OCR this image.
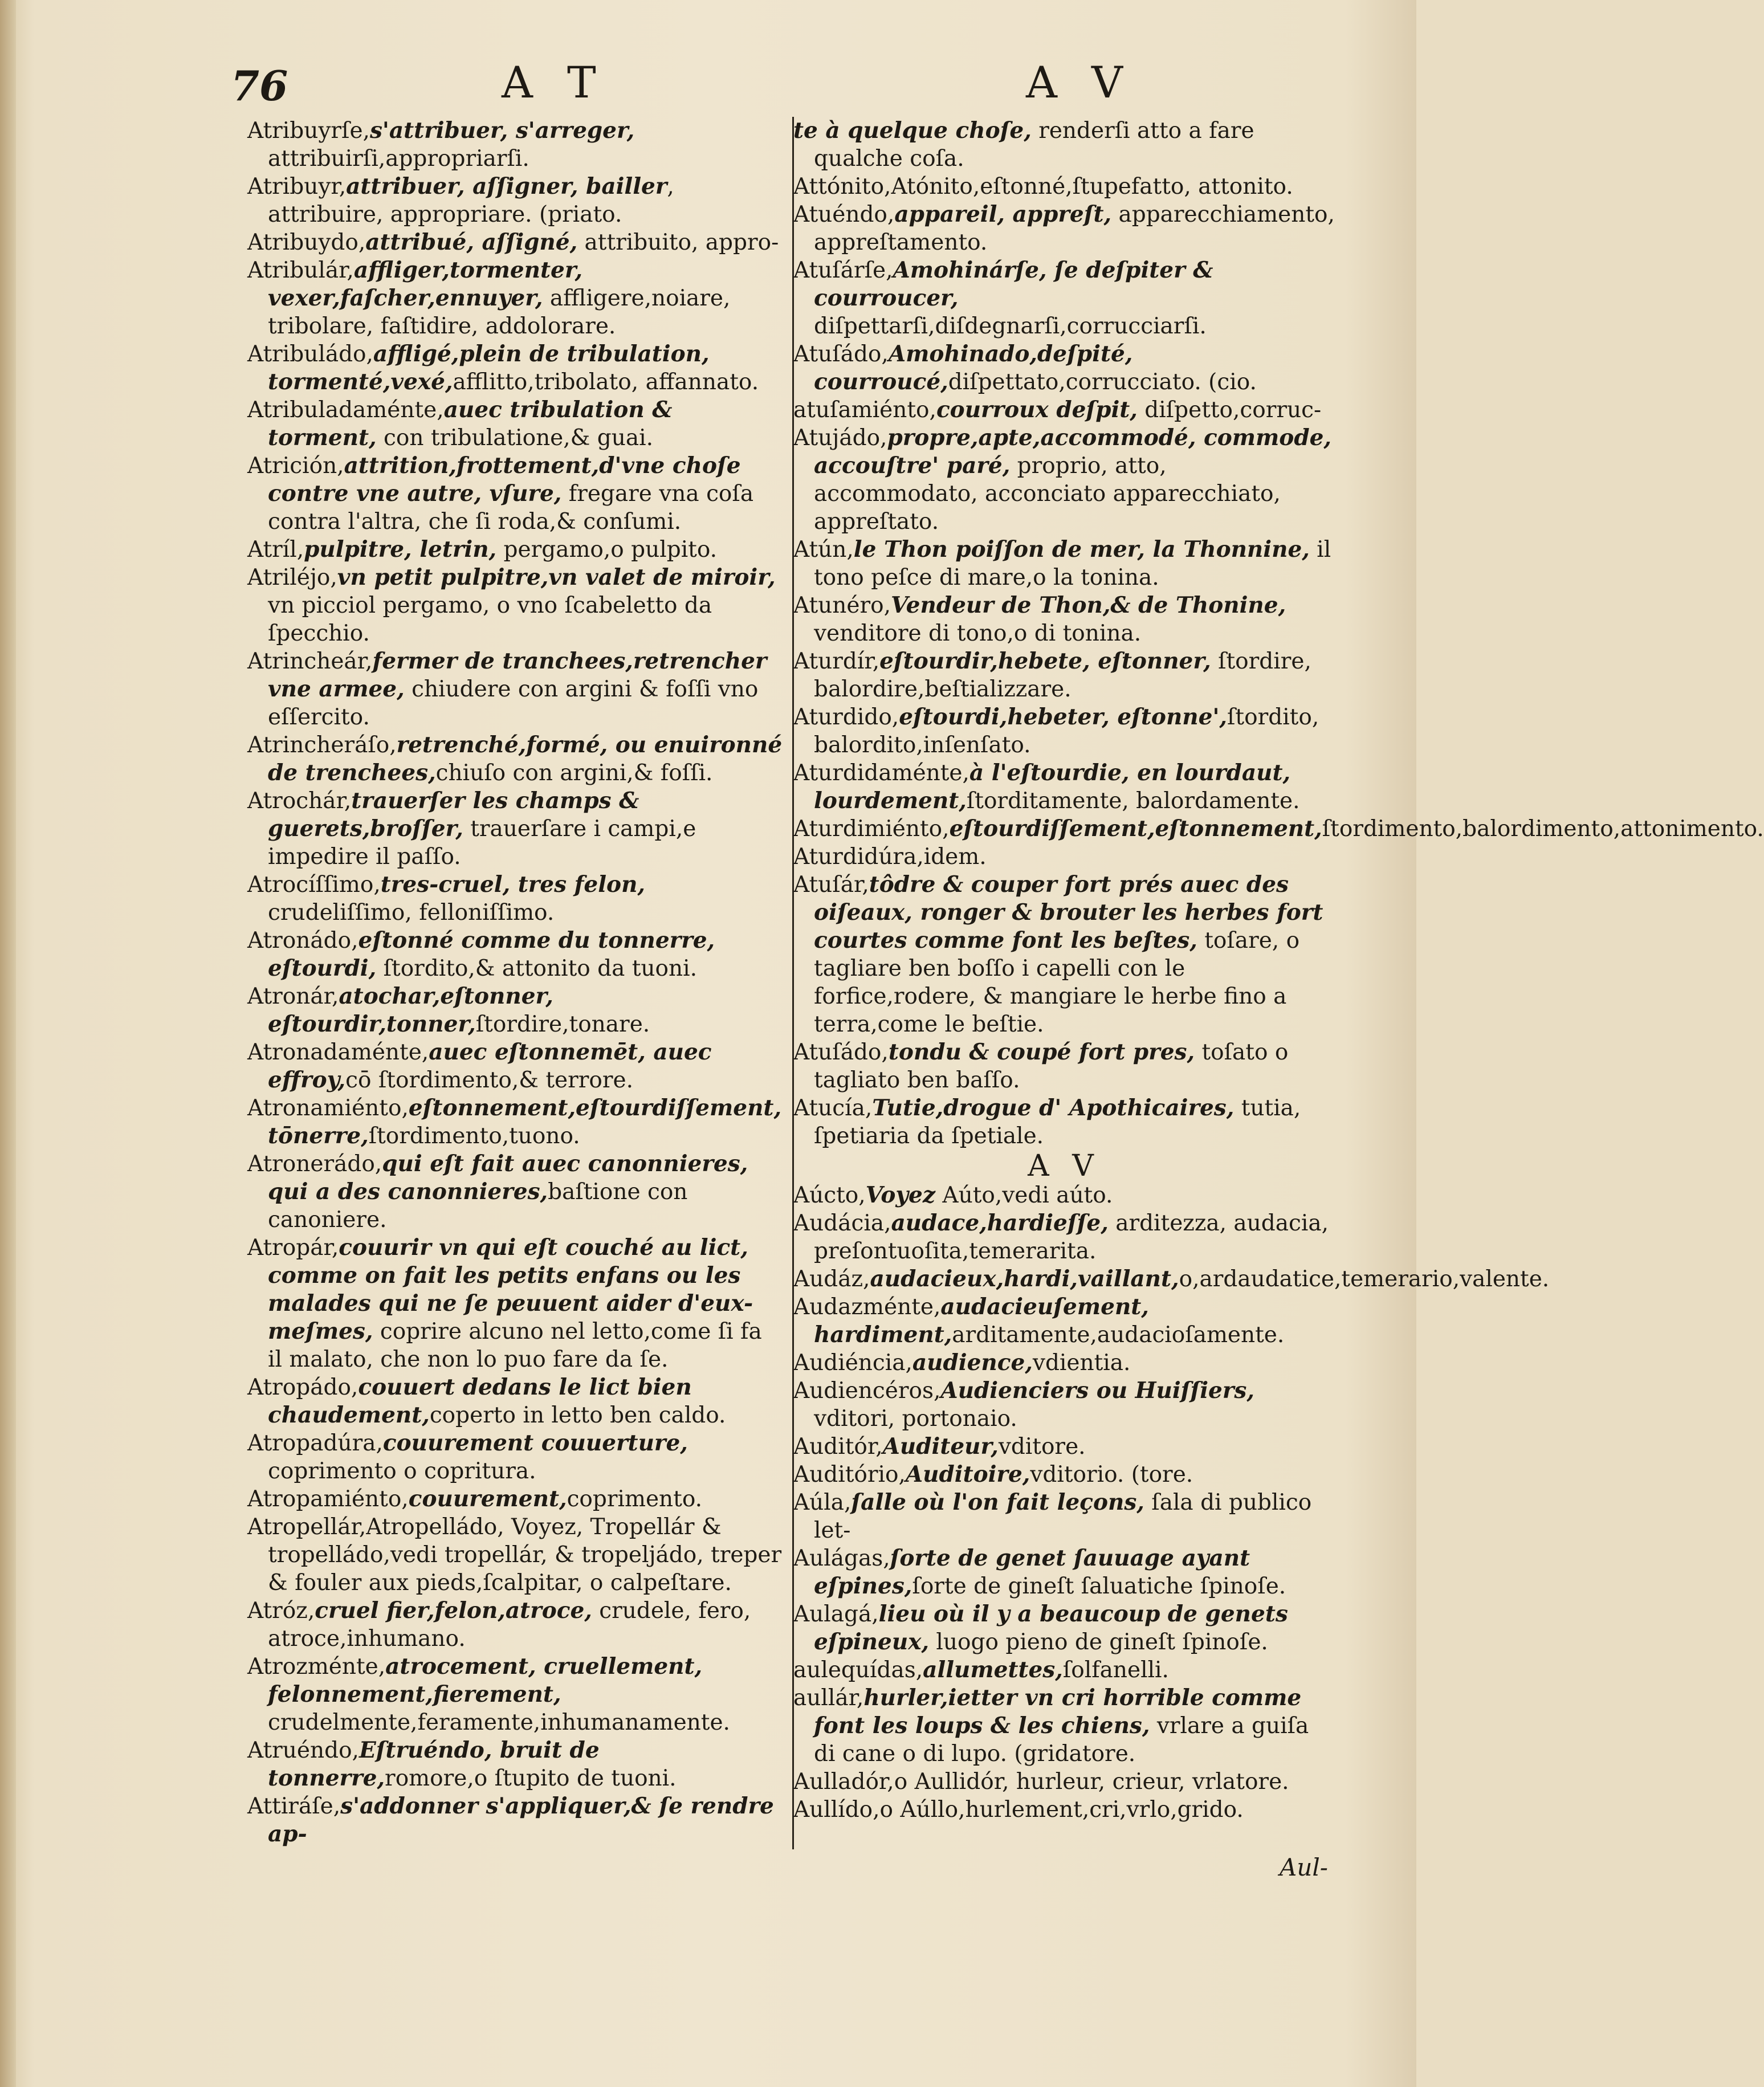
76	A T	A V
Atribuyrſe,s'attribuer, s'arreger, attribuirſi,appropriarſi.
Atribuyr,attribuer, aſſigner, bailler, attribuire, appropriare. (priato.
Atribuydo,attribué, aſſigné, attribuito, appro-
Atribulár,affliger,tormenter, vexer,faſcher,ennuyer, affligere,noiare, tribolare, faſtidire, addolorare.
Atribuládo,affligé,plein de tribulation, tormenté,vexé,afflitto,tribolato, affannato.
Atribuladaménte,auec tribulation & torment, con tribulatione,& guai.
Atrición,attrition,frottement,d'vne choſe contre vne autre, vſure, fregare vna coſa contra l'altra, che ſi roda,& conſumi.
Atríl,pulpitre, letrin, pergamo,o pulpito.
Atriléjo,vn petit pulpitre,vn valet de miroir, vn picciol pergamo, o vno ſcabeletto da ſpecchio.
Atrincheár,fermer de tranchees,retrencher vne armee, chiudere con argini & foſſi vno eſſercito.
Atrincheráſo,retrenché,formé, ou enuironné de trenchees,chiuſo con argini,& foſſi.
Atrochár,trauerſer les champs & guerets,broſſer, trauerſare i campi,e impedire il paſſo.
Atrocíſſimo,tres-cruel, tres felon, crudeliſſimo, felloniſſimo.
Atronádo,eſtonné comme du tonnerre, eſtourdi, ſtordito,& attonito da tuoni.
Atronár,atochar,eſtonner, eſtourdir,tonner,ſtordire,tonare.
Atronadaménte,auec eſtonnemēt, auec effroy,cō ſtordimento,& terrore.
Atronamiénto,eſtonnement,eſtourdiſſement, tōnerre,ſtordimento,tuono.
Atronerádo,qui eſt fait auec canonnieres, qui a des canonnieres,baſtione con canoniere.
Atropár,couurir vn qui eſt couché au lict, comme on fait les petits enfans ou les malades qui ne ſe peuuent aider d'eux-meſmes, coprire alcuno nel letto,come ſi fa il malato, che non lo puo fare da ſe.
Atropádo,couuert dedans le lict bien chaudement,coperto in letto ben caldo.
Atropadúra,couurement couuerture, coprimento o copritura.
Atropamiénto,couurement,coprimento.
Atropellár,Atropelládo, Voyez, Tropellár & tropelládo,vedi tropellár, & tropeljádo, treper & fouler aux pieds,ſcalpitar, o calpeſtare.
Atróz,cruel fier,felon,atroce, crudele, fero, atroce,inhumano.
Atrozménte,atrocement, cruellement, felonnement,fierement, crudelmente,feramente,inhumanamente.
Atruéndo,Eſtruéndo, bruit de tonnerre,romore,o ſtupito de tuoni.
Attiráſe,s'addonner s'appliquer,& ſe rendre ap-
te à quelque choſe, renderſi atto a fare qualche coſa.
Attónito,Atónito,eſtonné,ſtupefatto, attonito.
Atuéndo,appareil, appreſt, apparecchiamento, appreſtamento.
Atuſárſe,Amohinárſe, ſe deſpiter & courroucer, diſpettarſi,diſdegnarſi,corrucciarſi.
Atuſádo,Amohinado,deſpité, courroucé,diſpettato,corrucciato. (cio.
atuſamiénto,courroux deſpit, diſpetto,corruc-
Atujádo,propre,apte,accommodé, commode, accouſtre' paré, proprio, atto, accommodato, acconciato apparecchiato, appreſtato.
Atún,le Thon poiſſon de mer, la Thonnine, il tono peſce di mare,o la tonina.
Atunéro,Vendeur de Thon,& de Thonine, venditore di tono,o di tonina.
Aturdír,eſtourdir,hebete, eſtonner, ſtordire, balordire,beſtializzare.
Aturdido,eſtourdi,hebeter, eſtonne',ſtordito, balordito,inſenſato.
Aturdidaménte,à l'eſtourdie, en lourdaut, lourdement,ſtorditamente, balordamente.
Aturdimiénto,eſtourdiſſement,eſtonnement,ſtordimento,balordimento,attonimento.
Aturdidúra,idem.
Atuſár,tôdre & couper fort prés auec des oiſeaux, ronger & brouter les herbes fort courtes comme font les beſtes, toſare, o tagliare ben boſſo i capelli con le forfice,rodere, & mangiare le herbe fino a terra,come le beſtie.
Atuſádo,tondu & coupé fort pres, toſato o tagliato ben baſſo.
Atucía,Tutie,drogue d' Apothicaires, tutia, ſpetiaria da ſpetiale.
A V
Aúcto,Voyez Aúto,vedi aúto.
Audácia,audace,hardieſſe, arditezza, audacia, preſontuoſita,temerarita.
Audáz,audacieux,hardi,vaillant,o,ardaudatice,temerario,valente.
Audazménte,audacieuſement, hardiment,arditamente,audacioſamente.
Audiéncia,audience,vdientia.
Audiencéros,Audienciers ou Huiſſiers, vditori, portonaio.
Auditór,Auditeur,vditore.
Auditório,Auditoire,vditorio. (tore.
Aúla,ſalle où l'on fait leçons, ſala di publico let-
Aulágas,ſorte de genet ſauuage ayant eſpines,ſorte de gineſt ſaluatiche ſpinoſe.
Aulagá,lieu où il y a beaucoup de genets eſpineux, luogo pieno de gineſt ſpinoſe.
aulequídas,allumettes,ſolfanelli.
aullár,hurler,ietter vn cri horrible comme font les loups & les chiens, vrlare a guiſa di cane o di lupo. (gridatore.
Aulladór,o Aullidór, hurleur, crieur, vrlatore.
Aullído,o Aúllo,hurlement,cri,vrlo,grido.
Aul-
